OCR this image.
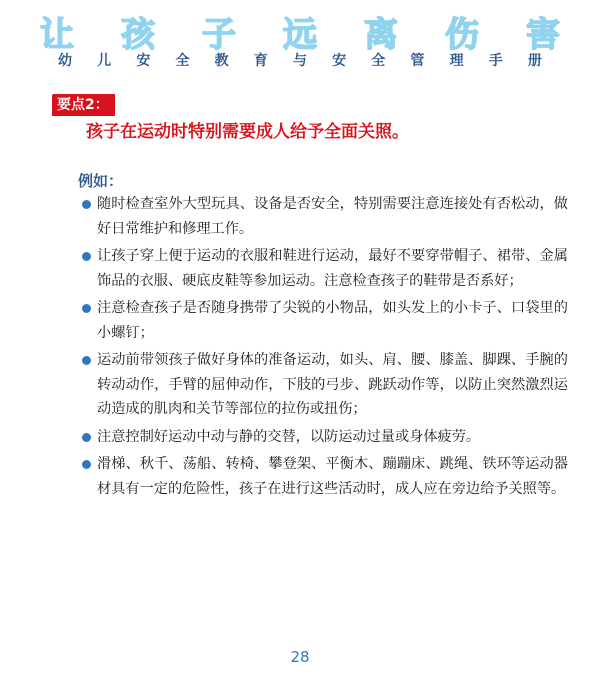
让 孩 子 远 离 伤 害
幼 儿 安 全 教 育 与 安 全 管 理 手 册
要点2：
孩子在运动时特别需要成人给予全面关照。
例如：
随时检查室外大型玩具、设备是否安全，特别需要注意连接处有否松动，做好日常维护和修理工作。
让孩子穿上便于运动的衣服和鞋进行运动，最好不要穿带帽子、裙带、金属饰品的衣服、硬底皮鞋等参加运动。注意检查孩子的鞋带是否系好；
注意检查孩子是否随身携带了尖锐的小物品，如头发上的小卡子、口袋里的小螺钉；
运动前带领孩子做好身体的准备运动，如头、肩、腰、膝盖、脚踝、手腕的转动动作，手臂的屈伸动作，下肢的弓步、跳跃动作等，以防止突然激烈运动造成的肌肉和关节等部位的拉伤或扭伤；
注意控制好运动中动与静的交替，以防运动过量或身体疲劳。
滑梯、秋千、荡船、转椅、攀登架、平衡木、蹦蹦床、跳绳、铁环等运动器材具有一定的危险性，孩子在进行这些活动时，成人应在旁边给予关照等。
28
